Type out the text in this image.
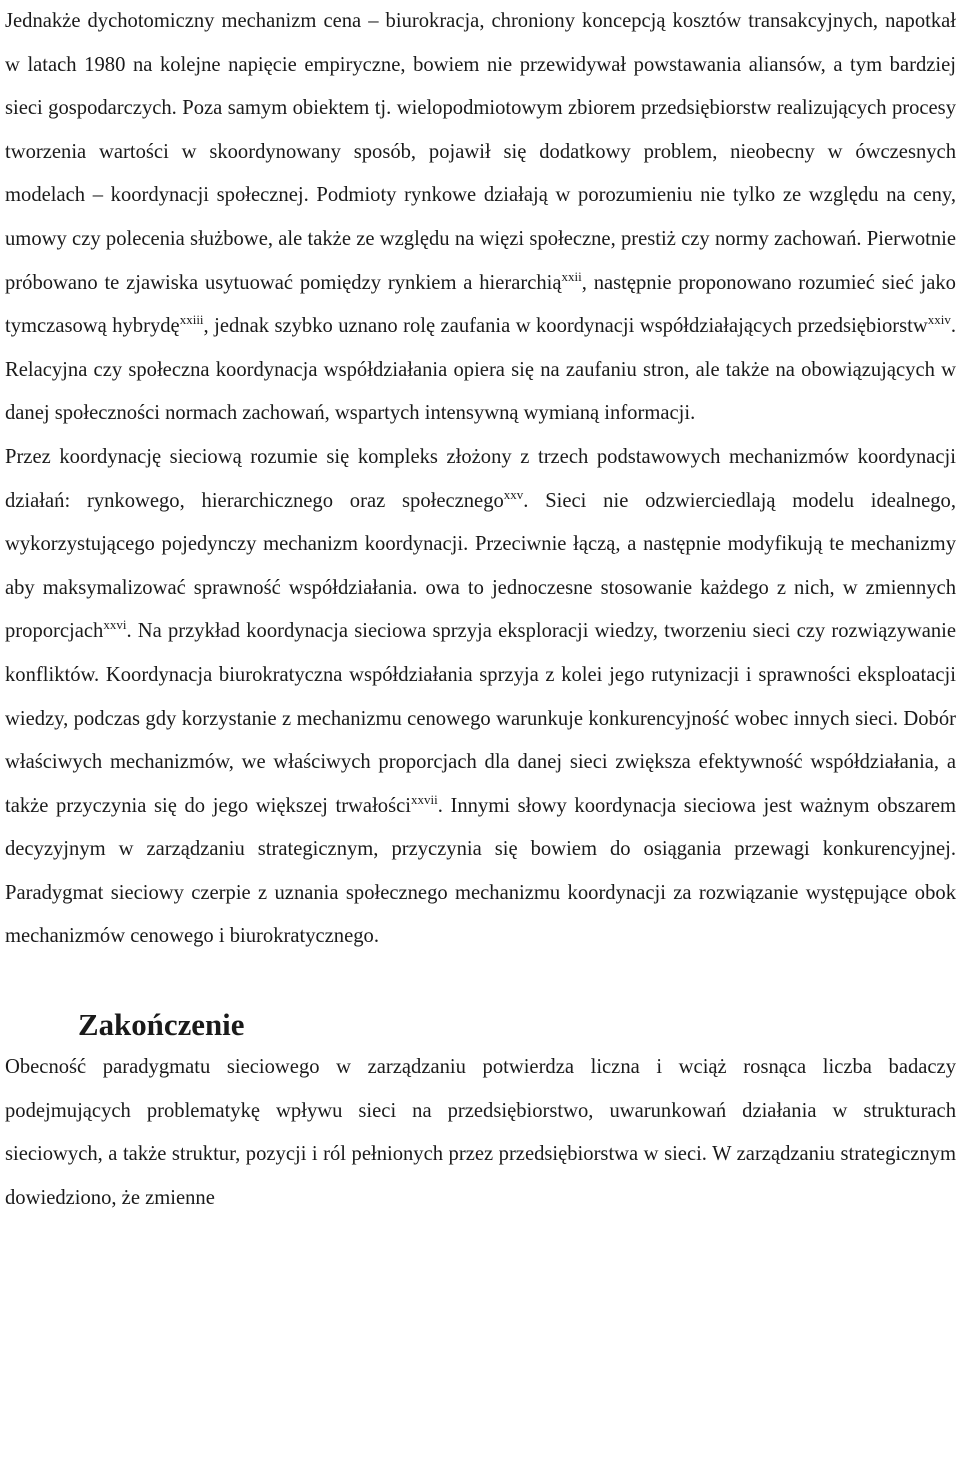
Jednakże dychotomiczny mechanizm cena – biurokracja, chroniony koncepcją kosztów transakcyjnych, napotkał w latach 1980 na kolejne napięcie empiryczne, bowiem nie przewidywał powstawania aliansów, a tym bardziej sieci gospodarczych. Poza samym obiektem tj. wielopodmiotowym zbiorem przedsiębiorstw realizujących procesy tworzenia wartości w skoordynowany sposób, pojawił się dodatkowy problem, nieobecny w ówczesnych modelach – koordynacji społecznej. Podmioty rynkowe działają w porozumieniu nie tylko ze względu na ceny, umowy czy polecenia służbowe, ale także ze względu na więzi społeczne, prestiż czy normy zachowań. Pierwotnie próbowano te zjawiska usytuować pomiędzy rynkiem a hierarchią$^{xxii}$, następnie proponowano rozumieć sieć jako tymczasową hybrydę$^{xxiii}$, jednak szybko uznano rolę zaufania w koordynacji współdziałających przedsiębiorstw$^{xxiv}$. Relacyjna czy społeczna koordynacja współdziałania opiera się na zaufaniu stron, ale także na obowiązujących w danej społeczności normach zachowań, wspartych intensywną wymianą informacji.

Przez koordynację sieciową rozumie się kompleks złożony z trzech podstawowych mechanizmów koordynacji działań: rynkowego, hierarchicznego oraz społecznego$^{xxv}$. Sieci nie odzwierciedlają modelu idealnego, wykorzystującego pojedynczy mechanizm koordynacji. Przeciwnie łączą, a następnie modyfikują te mechanizmy aby maksymalizować sprawność współdziałania. owa to jednoczesne stosowanie każdego z nich, w zmiennych proporcjach$^{xxvi}$. Na przykład koordynacja sieciowa sprzyja eksploracji wiedzy, tworzeniu sieci czy rozwiązywanie konfliktów. Koordynacja biurokratyczna współdziałania sprzyja z kolei jego rutynizacji i sprawności eksploatacji wiedzy, podczas gdy korzystanie z mechanizmu cenowego warunkuje konkurencyjność wobec innych sieci. Dobór właściwych mechanizmów, we właściwych proporcjach dla danej sieci zwiększa efektywność współdziałania, a także przyczynia się do jego większej trwałości$^{xxvii}$. Innymi słowy koordynacja sieciowa jest ważnym obszarem decyzyjnym w zarządzaniu strategicznym, przyczynia się bowiem do osiągania przewagi konkurencyjnej. Paradygmat sieciowy czerpie z uznania społecznego mechanizmu koordynacji za rozwiązanie występujące obok mechanizmów cenowego i biurokratycznego.

Zakończenie

Obecność paradygmatu sieciowego w zarządzaniu potwierdza liczna i wciąż rosnąca liczba badaczy podejmujących problematykę wpływu sieci na przedsiębiorstwo, uwarunkowań działania w strukturach sieciowych, a także struktur, pozycji i ról pełnionych przez przedsiębiorstwa w sieci. W zarządzaniu strategicznym dowiedziono, że zmienne
